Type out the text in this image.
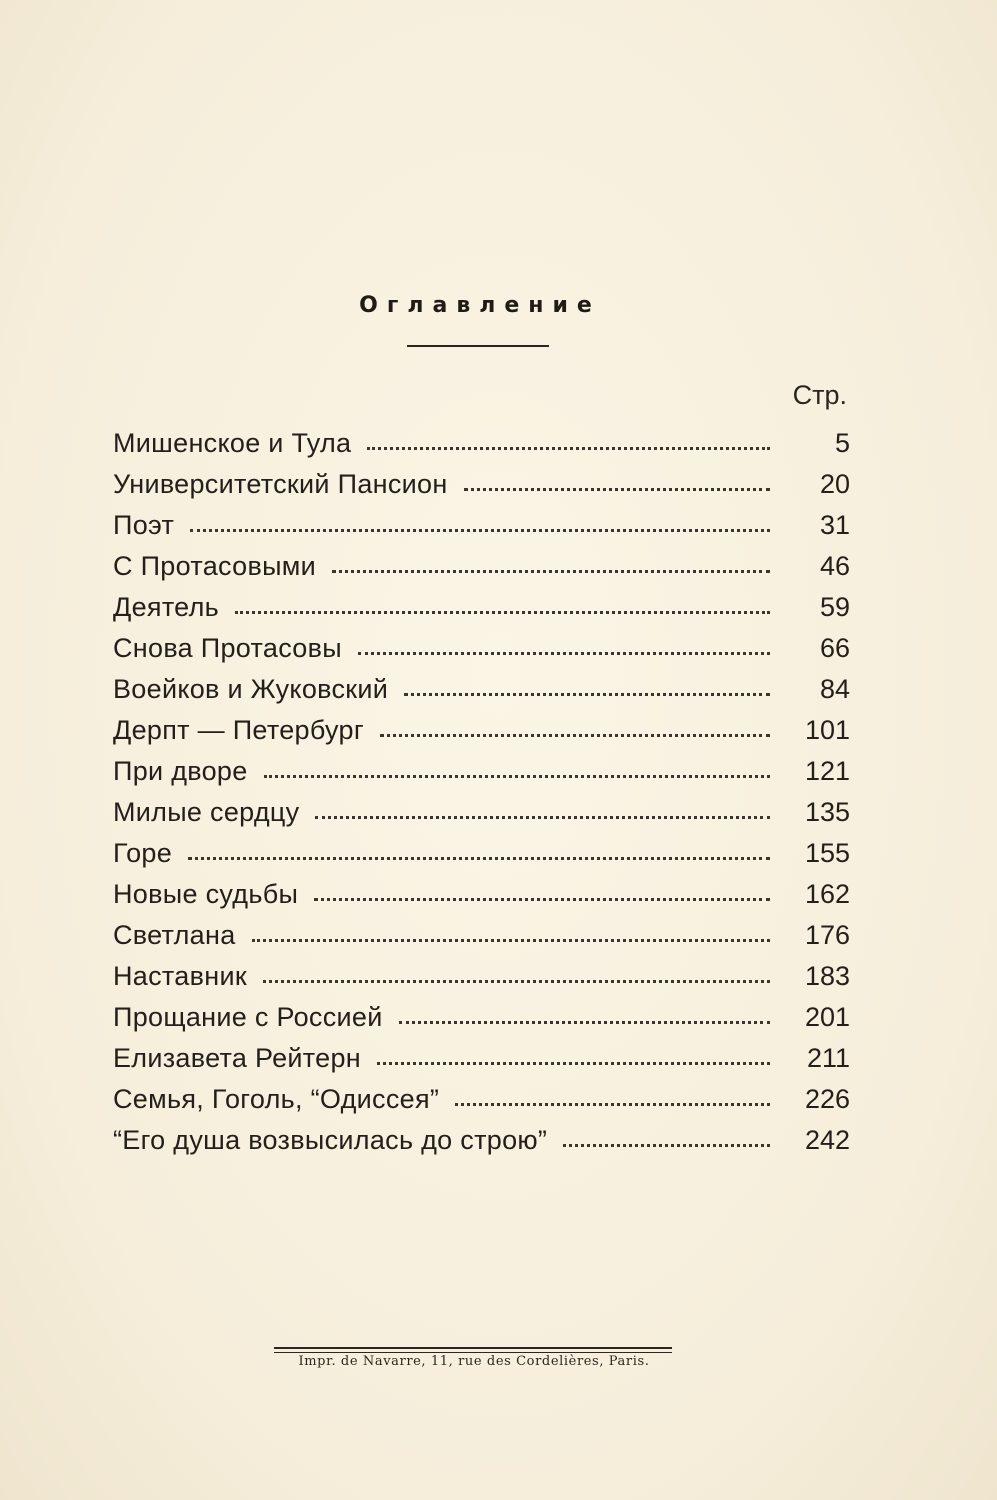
Оглавление
Стр.
Мишенское и Тула	5
Университетский Пансион	20
Поэт	31
С Протасовыми	46
Деятель	59
Снова Протасовы	66
Воейков и Жуковский	84
Дерпт — Петербург	101
При дворе	121
Милые сердцу	135
Горе	155
Новые судьбы	162
Светлана	176
Наставник	183
Прощание с Россией	201
Елизавета Рейтерн	211
Семья, Гоголь, “Одиссея”	226
“Его душа возвысилась до строю”	242
Impr. de Navarre, 11, rue des Cordelières, Paris.
